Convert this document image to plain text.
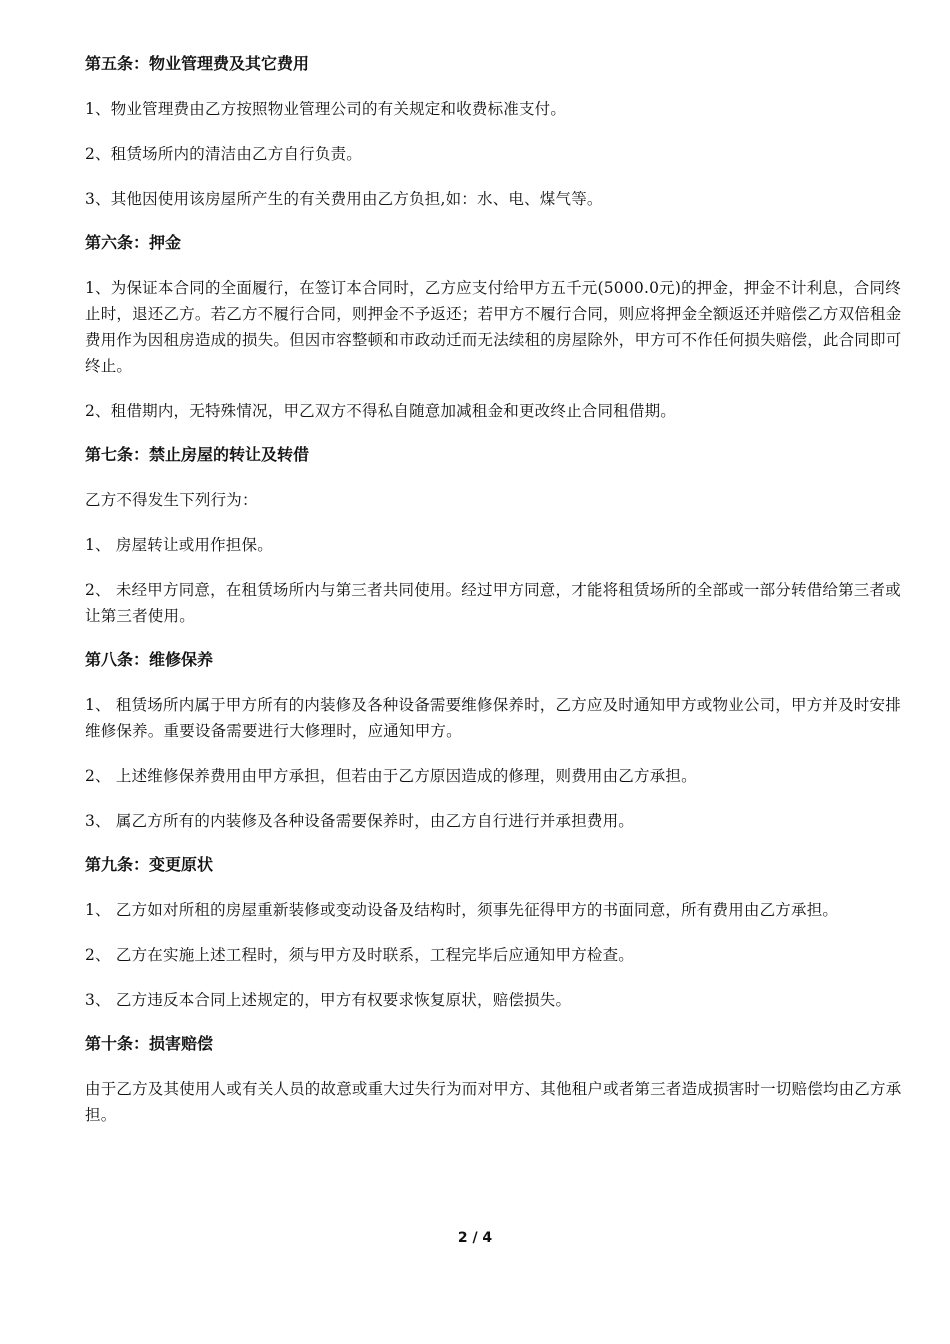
第五条：物业管理费及其它费用

1、物业管理费由乙方按照物业管理公司的有关规定和收费标准支付。

2、租赁场所内的清洁由乙方自行负责。

3、其他因使用该房屋所产生的有关费用由乙方负担,如：水、电、煤气等。

第六条：押金

1、为保证本合同的全面履行，在签订本合同时，乙方应支付给甲方五千元(5000.0元)的押金，押金不计利息，合同终止时，退还乙方。若乙方不履行合同，则押金不予返还；若甲方不履行合同，则应将押金全额返还并赔偿乙方双倍租金费用作为因租房造成的损失。但因市容整顿和市政动迁而无法续租的房屋除外，甲方可不作任何损失赔偿，此合同即可终止。

2、租借期内，无特殊情况，甲乙双方不得私自随意加减租金和更改终止合同租借期。

第七条：禁止房屋的转让及转借

乙方不得发生下列行为：

1、 房屋转让或用作担保。

2、 未经甲方同意，在租赁场所内与第三者共同使用。经过甲方同意，才能将租赁场所的全部或一部分转借给第三者或让第三者使用。

第八条：维修保养

1、 租赁场所内属于甲方所有的内装修及各种设备需要维修保养时，乙方应及时通知甲方或物业公司，甲方并及时安排维修保养。重要设备需要进行大修理时，应通知甲方。

2、 上述维修保养费用由甲方承担，但若由于乙方原因造成的修理，则费用由乙方承担。

3、 属乙方所有的内装修及各种设备需要保养时，由乙方自行进行并承担费用。

第九条：变更原状

1、 乙方如对所租的房屋重新装修或变动设备及结构时，须事先征得甲方的书面同意，所有费用由乙方承担。

2、 乙方在实施上述工程时，须与甲方及时联系，工程完毕后应通知甲方检查。

3、 乙方违反本合同上述规定的，甲方有权要求恢复原状，赔偿损失。

第十条：损害赔偿

由于乙方及其使用人或有关人员的故意或重大过失行为而对甲方、其他租户或者第三者造成损害时一切赔偿均由乙方承担。

2 / 4
